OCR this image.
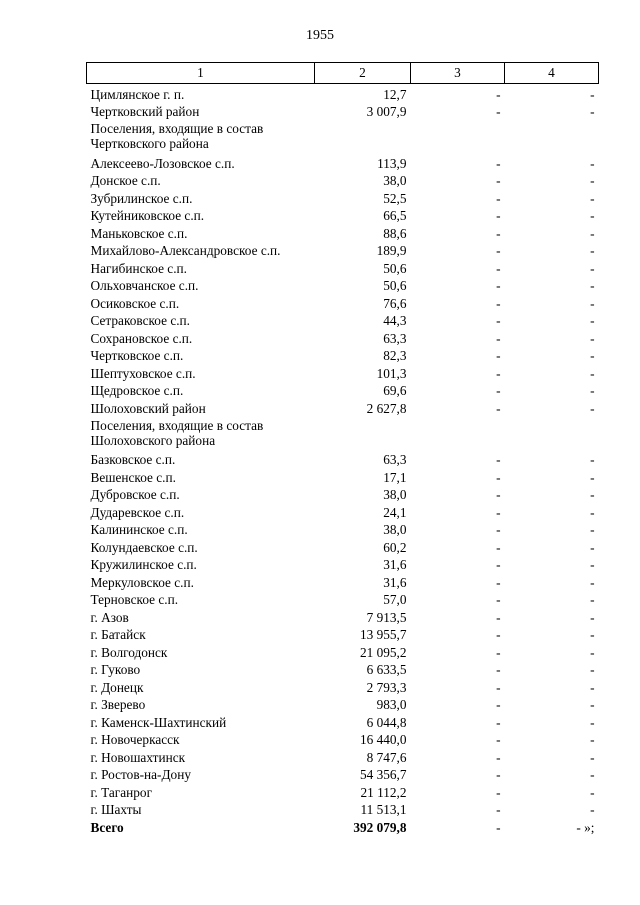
1955
1	2	3	4
Цимлянское г. п.	12,7	-	-
Чертковский район	3 007,9	-	-
Поселения, входящие в состав Чертковского района			
Алексеево-Лозовское с.п.	113,9	-	-
Донское с.п.	38,0	-	-
Зубрилинское с.п.	52,5	-	-
Кутейниковское с.п.	66,5	-	-
Маньковское с.п.	88,6	-	-
Михайлово-Александровское с.п.	189,9	-	-
Нагибинское с.п.	50,6	-	-
Ольховчанское с.п.	50,6	-	-
Осиковское с.п.	76,6	-	-
Сетраковское с.п.	44,3	-	-
Сохрановское с.п.	63,3	-	-
Чертковское с.п.	82,3	-	-
Шептуховское с.п.	101,3	-	-
Щедровское с.п.	69,6	-	-
Шолоховский район	2 627,8	-	-
Поселения, входящие в состав Шолоховского района			
Базковское с.п.	63,3	-	-
Вешенское с.п.	17,1	-	-
Дубровское с.п.	38,0	-	-
Дударевское с.п.	24,1	-	-
Калининское с.п.	38,0	-	-
Колундаевское с.п.	60,2	-	-
Кружилинское с.п.	31,6	-	-
Меркуловское с.п.	31,6	-	-
Терновское с.п.	57,0	-	-
г. Азов	7 913,5	-	-
г. Батайск	13 955,7	-	-
г. Волгодонск	21 095,2	-	-
г. Гуково	6 633,5	-	-
г. Донецк	2 793,3	-	-
г. Зверево	983,0	-	-
г. Каменск-Шахтинский	6 044,8	-	-
г. Новочеркасск	16 440,0	-	-
г. Новошахтинск	8 747,6	-	-
г. Ростов-на-Дону	54 356,7	-	-
г. Таганрог	21 112,2	-	-
г. Шахты	11 513,1	-	-
Всего	392 079,8	-	- »;
